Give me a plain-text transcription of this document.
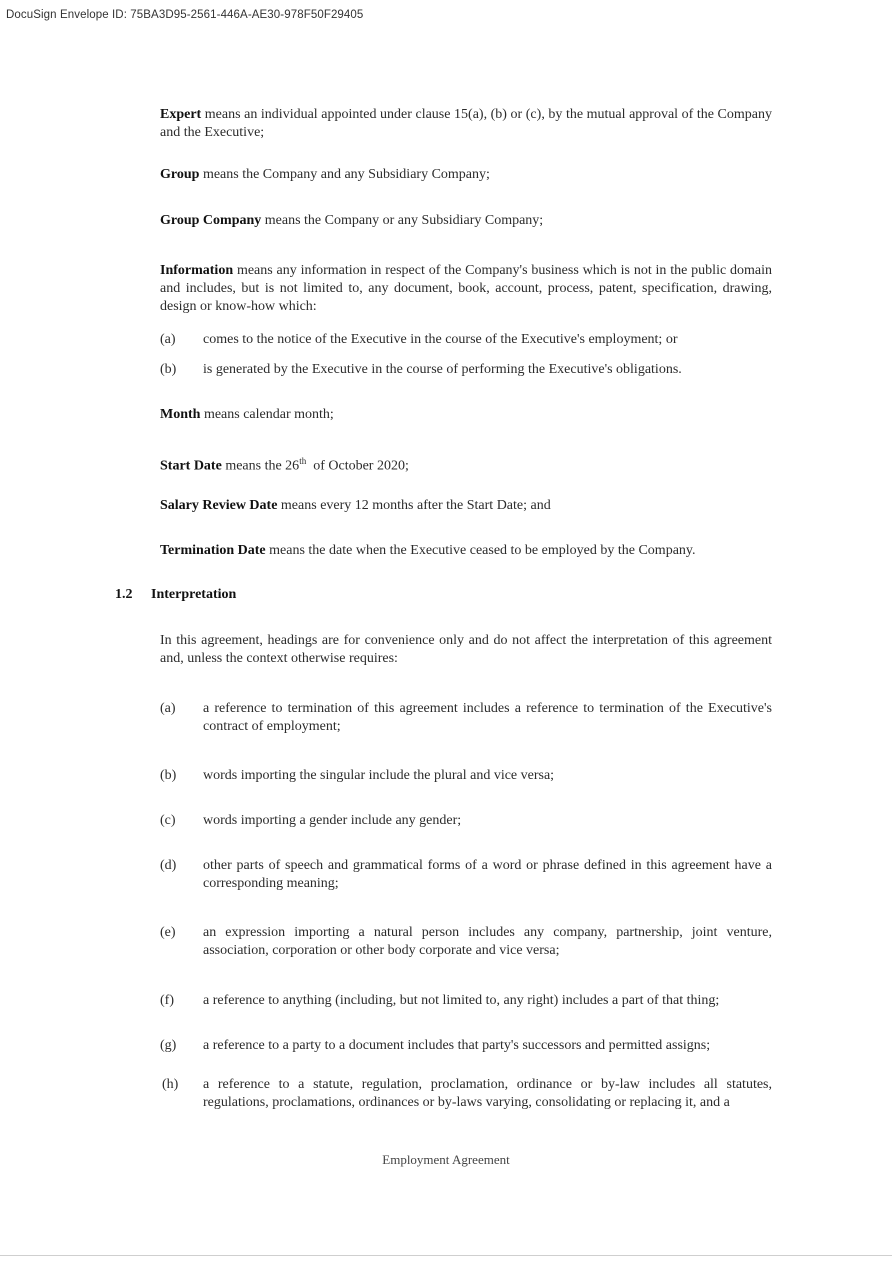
DocuSign Envelope ID: 75BA3D95-2561-446A-AE30-978F50F29405

Expert means an individual appointed under clause 15(a), (b) or (c), by the mutual approval of the Company and the Executive;

Group means the Company and any Subsidiary Company;

Group Company means the Company or any Subsidiary Company;

Information means any information in respect of the Company's business which is not in the public domain and includes, but is not limited to, any document, book, account, process, patent, specification, drawing, design or know-how which:

(a) comes to the notice of the Executive in the course of the Executive's employment; or

(b) is generated by the Executive in the course of performing the Executive's obligations.

Month means calendar month;

Start Date means the 26th  of October 2020;

Salary Review Date means every 12 months after the Start Date; and

Termination Date means the date when the Executive ceased to be employed by the Company.

1.2 Interpretation

In this agreement, headings are for convenience only and do not affect the interpretation of this agreement and, unless the context otherwise requires:

(a) a reference to termination of this agreement includes a reference to termination of the Executive's contract of employment;

(b) words importing the singular include the plural and vice versa;

(c) words importing a gender include any gender;

(d) other parts of speech and grammatical forms of a word or phrase defined in this agreement have a corresponding meaning;

(e) an expression importing a natural person includes any company, partnership, joint venture, association, corporation or other body corporate and vice versa;

(f) a reference to anything (including, but not limited to, any right) includes a part of that thing;

(g) a reference to a party to a document includes that party's successors and permitted assigns;

(h) a reference to a statute, regulation, proclamation, ordinance or by-law includes all statutes, regulations, proclamations, ordinances or by-laws varying, consolidating or replacing it, and a

Employment Agreement
